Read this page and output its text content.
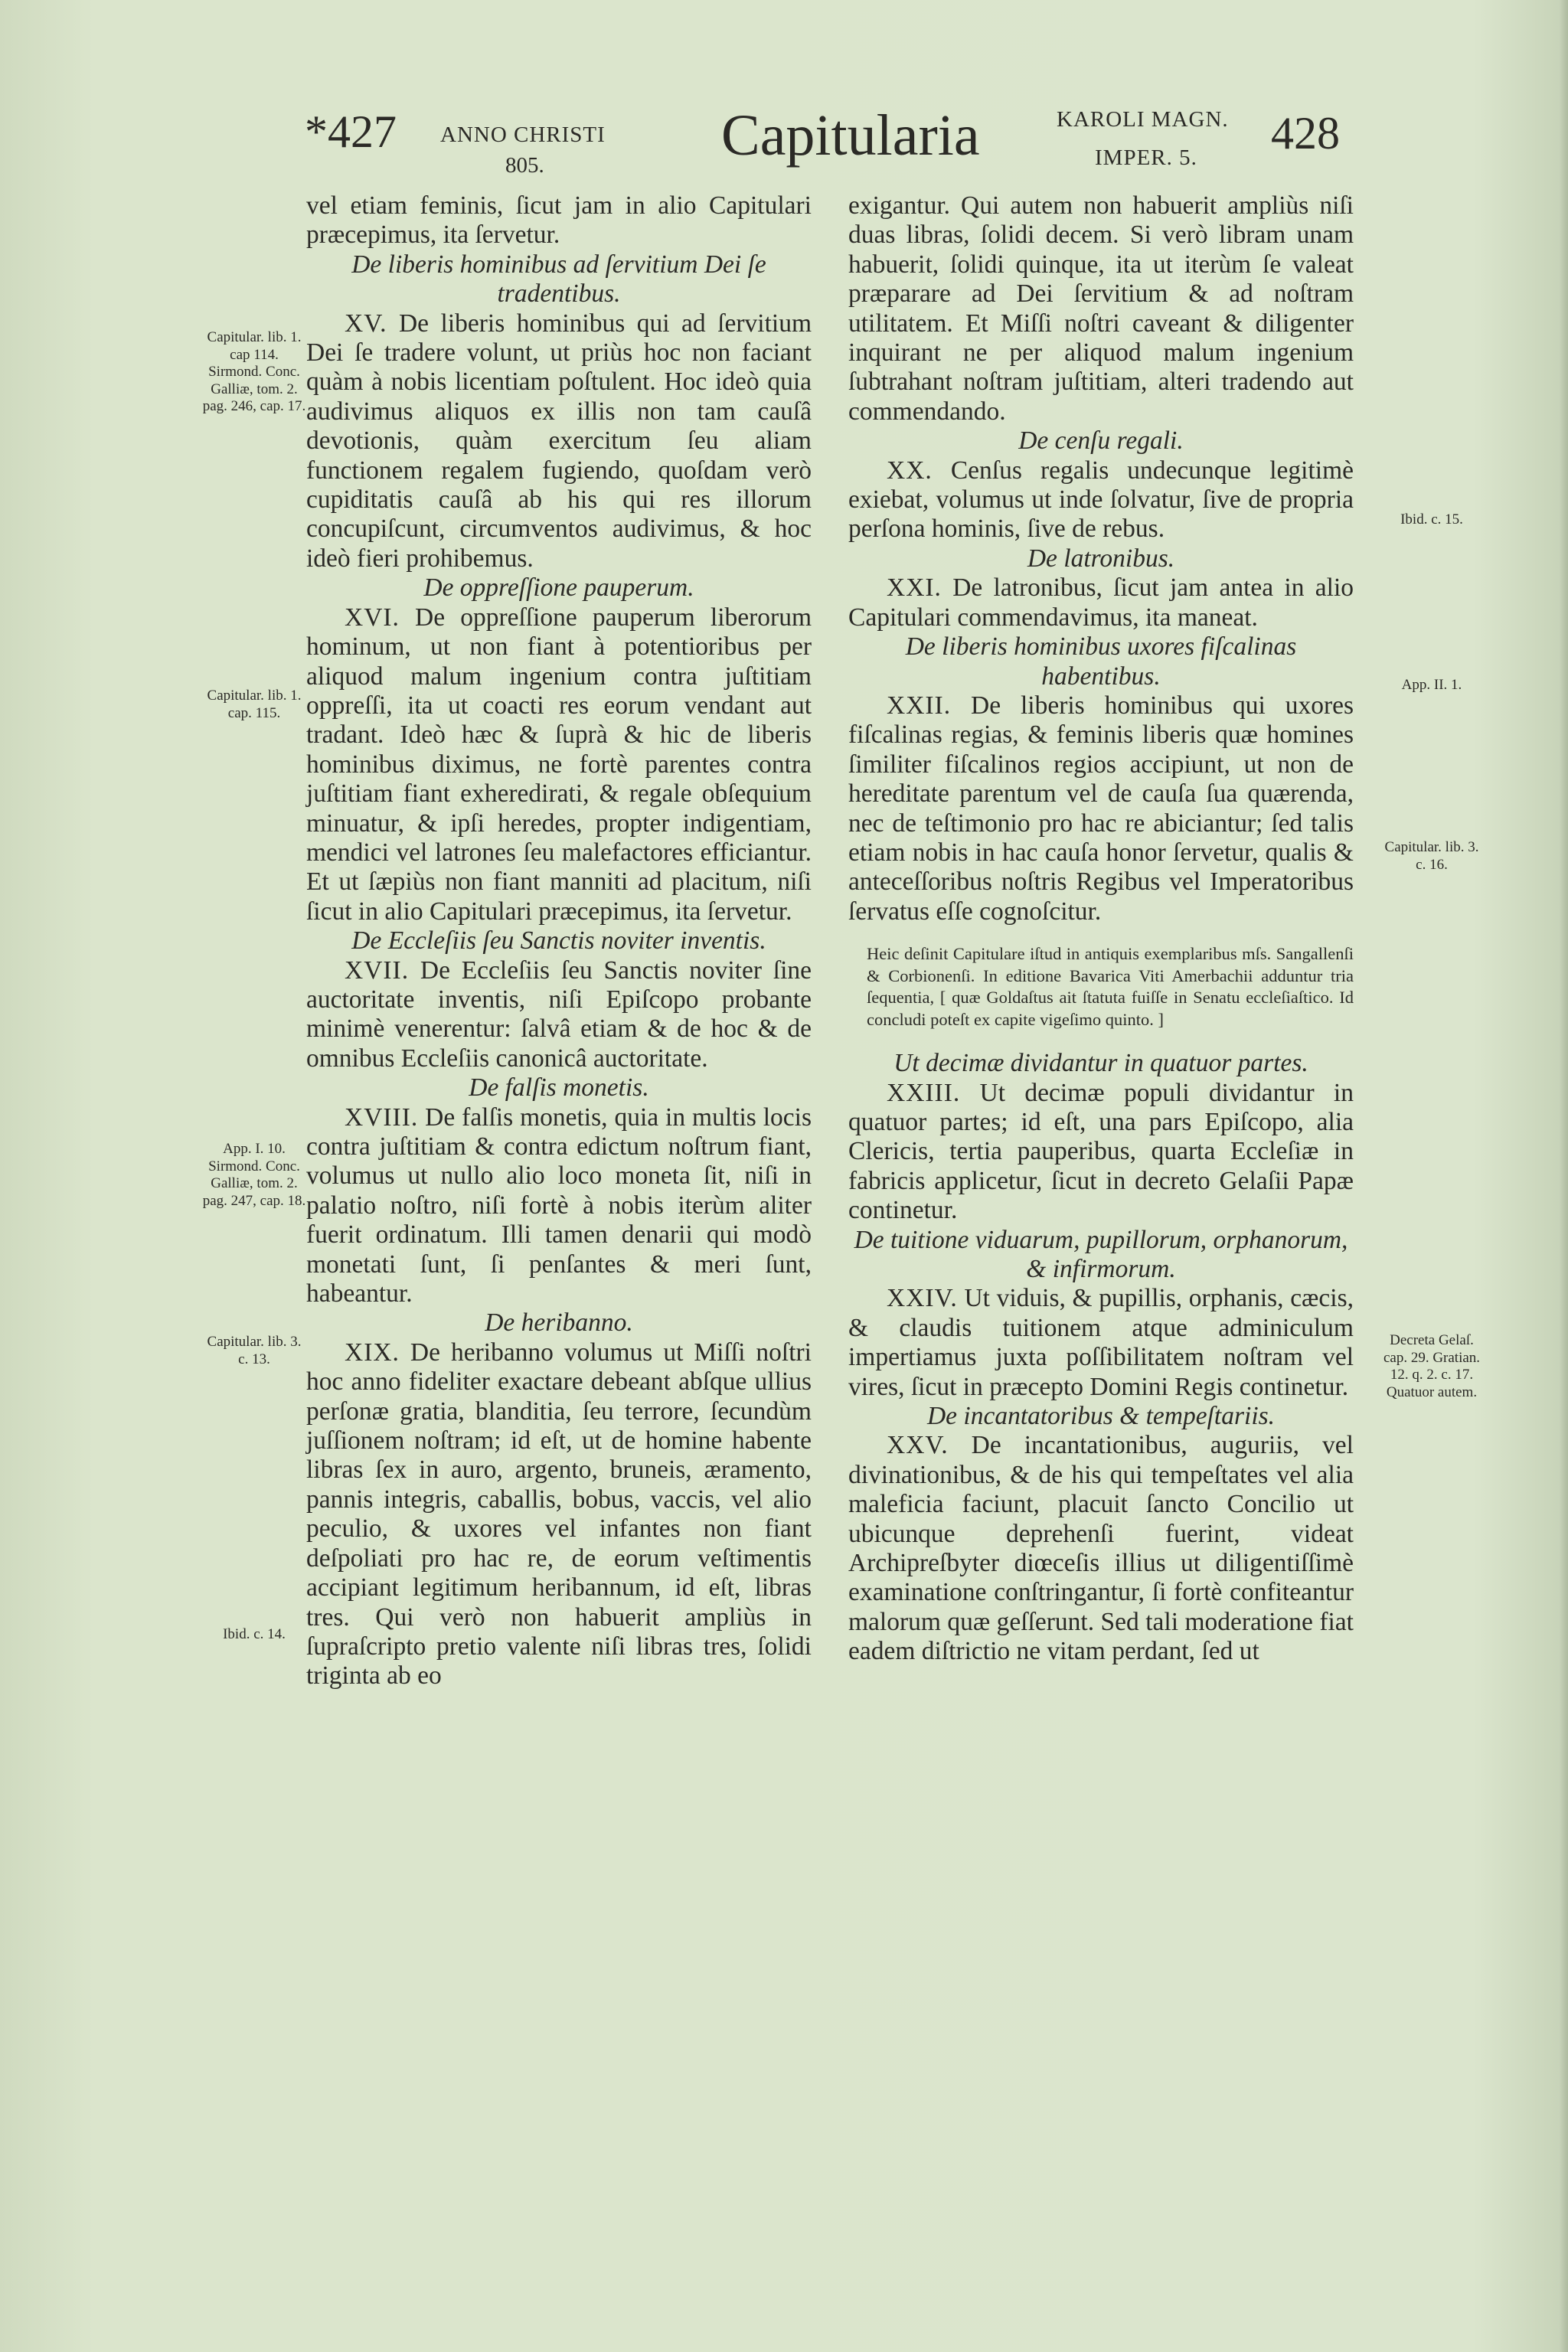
*427 ANNO CHRISTI
805.	Capitularia	KAROLI MAGN.
IMPER. 5. 428

vel etiam feminis, ſicut jam in alio Capitulari præcepimus, ita ſervetur.

De liberis hominibus ad ſervitium Dei ſe tradentibus.

XV. De liberis hominibus qui ad ſervitium Dei ſe tradere volunt, ut priùs hoc non faciant quàm à nobis licentiam poſtulent. Hoc ideò quia audivimus aliquos ex illis non tam cauſâ devotionis, quàm exercitum ſeu aliam functionem regalem fugiendo, quoſdam verò cupiditatis cauſâ ab his qui res illorum concupiſcunt, circumventos audivimus, & hoc ideò fieri prohibemus.

De oppreſſione pauperum.

XVI. De oppreſſione pauperum liberorum hominum, ut non fiant à potentioribus per aliquod malum ingenium contra juſtitiam oppreſſi, ita ut coacti res eorum vendant aut tradant. Ideò hæc & ſuprà & hic de liberis hominibus diximus, ne fortè parentes contra juſtitiam fiant exheredirati, & regale obſequium minuatur, & ipſi heredes, propter indigentiam, mendici vel latrones ſeu malefactores efficiantur. Et ut ſæpiùs non fiant manniti ad placitum, niſi ſicut in alio Capitulari præcepimus, ita ſervetur.

De Eccleſiis ſeu Sanctis noviter inventis.

XVII. De Eccleſiis ſeu Sanctis noviter ſine auctoritate inventis, niſi Epiſcopo probante minimè venerentur: ſalvâ etiam & de hoc & de omnibus Eccleſiis canonicâ auctoritate.

De falſis monetis.

XVIII. De falſis monetis, quia in multis locis contra juſtitiam & contra edictum noſtrum fiant, volumus ut nullo alio loco moneta ſit, niſi in palatio noſtro, niſi fortè à nobis iterùm aliter fuerit ordinatum. Illi tamen denarii qui modò monetati ſunt, ſi penſantes & meri ſunt, habeantur.

De heribanno.

XIX. De heribanno volumus ut Miſſi noſtri hoc anno fideliter exactare debeant abſque ullius perſonæ gratia, blanditia, ſeu terrore, ſecundùm juſſionem noſtram; id eſt, ut de homine habente libras ſex in auro, argento, bruneis, æramento, pannis integris, caballis, bobus, vaccis, vel alio peculio, & uxores vel infantes non fiant deſpoliati pro hac re, de eorum veſtimentis accipiant legitimum heribannum, id eſt, libras tres. Qui verò non habuerit ampliùs in ſupraſcripto pretio valente niſi libras tres, ſolidi triginta ab eo

exigantur. Qui autem non habuerit ampliùs niſi duas libras, ſolidi decem. Si verò libram unam habuerit, ſolidi quinque, ita ut iterùm ſe valeat præparare ad Dei ſervitium & ad noſtram utilitatem. Et Miſſi noſtri caveant & diligenter inquirant ne per aliquod malum ingenium ſubtrahant noſtram juſtitiam, alteri tradendo aut commendando.

De cenſu regali.

XX. Cenſus regalis undecunque legitimè exiebat, volumus ut inde ſolvatur, ſive de propria perſona hominis, ſive de rebus.

De latronibus.

XXI. De latronibus, ſicut jam antea in alio Capitulari commendavimus, ita maneat.

De liberis hominibus uxores fiſcalinas habentibus.

XXII. De liberis hominibus qui uxores fiſcalinas regias, & feminis liberis quæ homines ſimiliter fiſcalinos regios accipiunt, ut non de hereditate parentum vel de cauſa ſua quærenda, nec de teſtimonio pro hac re abiciantur; ſed talis etiam nobis in hac cauſa honor ſervetur, qualis & anteceſſoribus noſtris Regibus vel Imperatoribus ſervatus eſſe cognoſcitur.

Heic deſinit Capitulare iſtud in antiquis exemplaribus mſs. Sangallenſi & Corbionenſi. In editione Bavarica Viti Amerbachii adduntur tria ſequentia, [ quæ Goldaſtus ait ſtatuta fuiſſe in Senatu eccleſiaſtico. Id concludi poteſt ex capite vigeſimo quinto. ]
Ut decimæ dividantur in quatuor partes.

XXIII. Ut decimæ populi dividantur in quatuor partes; id eſt, una pars Epiſcopo, alia Clericis, tertia pauperibus, quarta Eccleſiæ in fabricis applicetur, ſicut in decreto Gelaſii Papæ continetur.

De tuitione viduarum, pupillorum, orphanorum, & infirmorum.

XXIV. Ut viduis, & pupillis, orphanis, cæcis, & claudis tuitionem atque adminiculum impertiamus juxta poſſibilitatem noſtram vel vires, ſicut in præcepto Domini Regis continetur.

De incantatoribus & tempeſtariis.

XXV. De incantationibus, auguriis, vel divinationibus, & de his qui tempeſtates vel alia maleficia faciunt, placuit ſancto Concilio ut ubicunque deprehenſi fuerint, videat Archipreſbyter diœceſis illius ut diligentiſſimè examinatione conſtringantur, ſi fortè confiteantur malorum quæ geſſerunt. Sed tali moderatione fiat eadem diſtrictio ne vitam perdant, ſed ut

Capitular. lib. 1. cap 114.
Sirmond. Conc. Galliæ, tom. 2. pag. 246, cap. 17.
Capitular. lib. 1. cap. 115.
App. I. 10. Sirmond. Conc. Galliæ, tom. 2. pag. 247, cap. 18.
Capitular. lib. 3. c. 13.
Ibid. c. 14.
Ibid. c. 15.
App. II. 1.
Capitular. lib. 3. c. 16.
Decreta Gelaſ. cap. 29. Gratian. 12. q. 2. c. 17. Quatuor autem.
